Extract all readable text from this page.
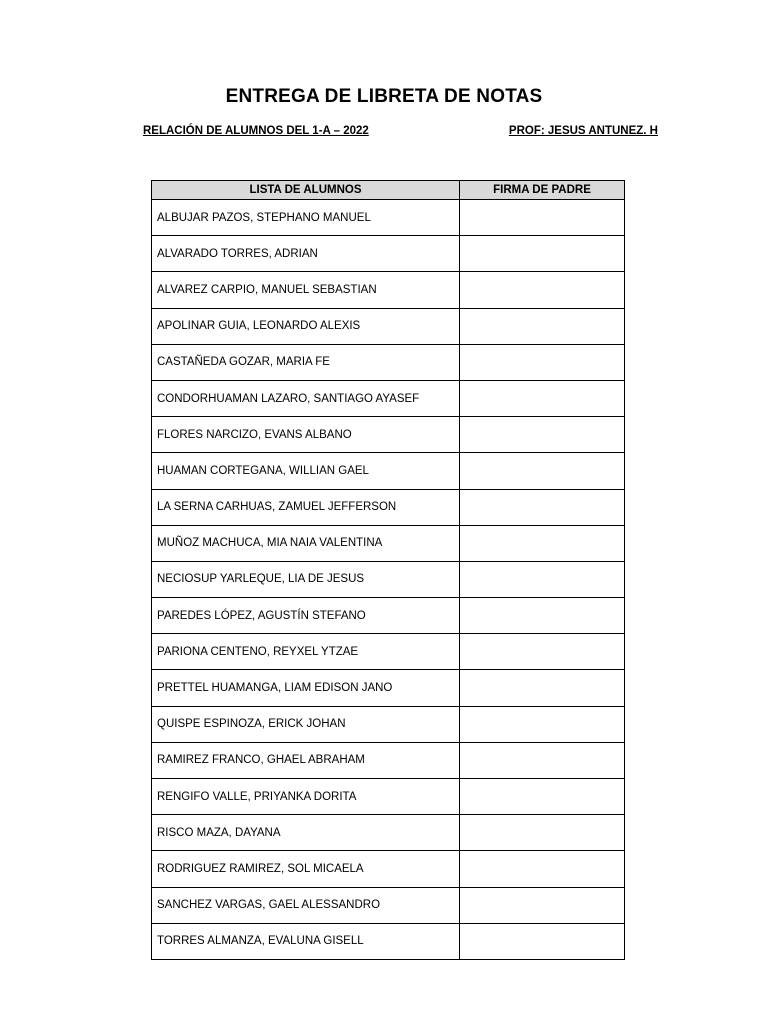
ENTREGA DE LIBRETA DE NOTAS
RELACIÓN DE ALUMNOS DEL 1-A – 2022	PROF: JESUS ANTUNEZ. H
LISTA DE ALUMNOS	FIRMA DE PADRE
ALBUJAR PAZOS, STEPHANO MANUEL	
ALVARADO TORRES, ADRIAN	
ALVAREZ CARPIO, MANUEL SEBASTIAN	
APOLINAR GUIA, LEONARDO ALEXIS	
CASTAÑEDA GOZAR, MARIA FE	
CONDORHUAMAN LAZARO, SANTIAGO AYASEF	
FLORES NARCIZO, EVANS ALBANO	
HUAMAN CORTEGANA, WILLIAN GAEL	
LA SERNA CARHUAS, ZAMUEL JEFFERSON	
MUÑOZ MACHUCA, MIA NAIA VALENTINA	
NECIOSUP YARLEQUE, LIA DE JESUS	
PAREDES LÓPEZ, AGUSTÍN STEFANO	
PARIONA CENTENO, REYXEL YTZAE	
PRETTEL HUAMANGA, LIAM EDISON JANO	
QUISPE ESPINOZA, ERICK JOHAN	
RAMIREZ FRANCO, GHAEL ABRAHAM	
RENGIFO VALLE, PRIYANKA DORITA	
RISCO MAZA, DAYANA	
RODRIGUEZ RAMIREZ, SOL MICAELA	
SANCHEZ VARGAS, GAEL ALESSANDRO	
TORRES ALMANZA, EVALUNA GISELL	
